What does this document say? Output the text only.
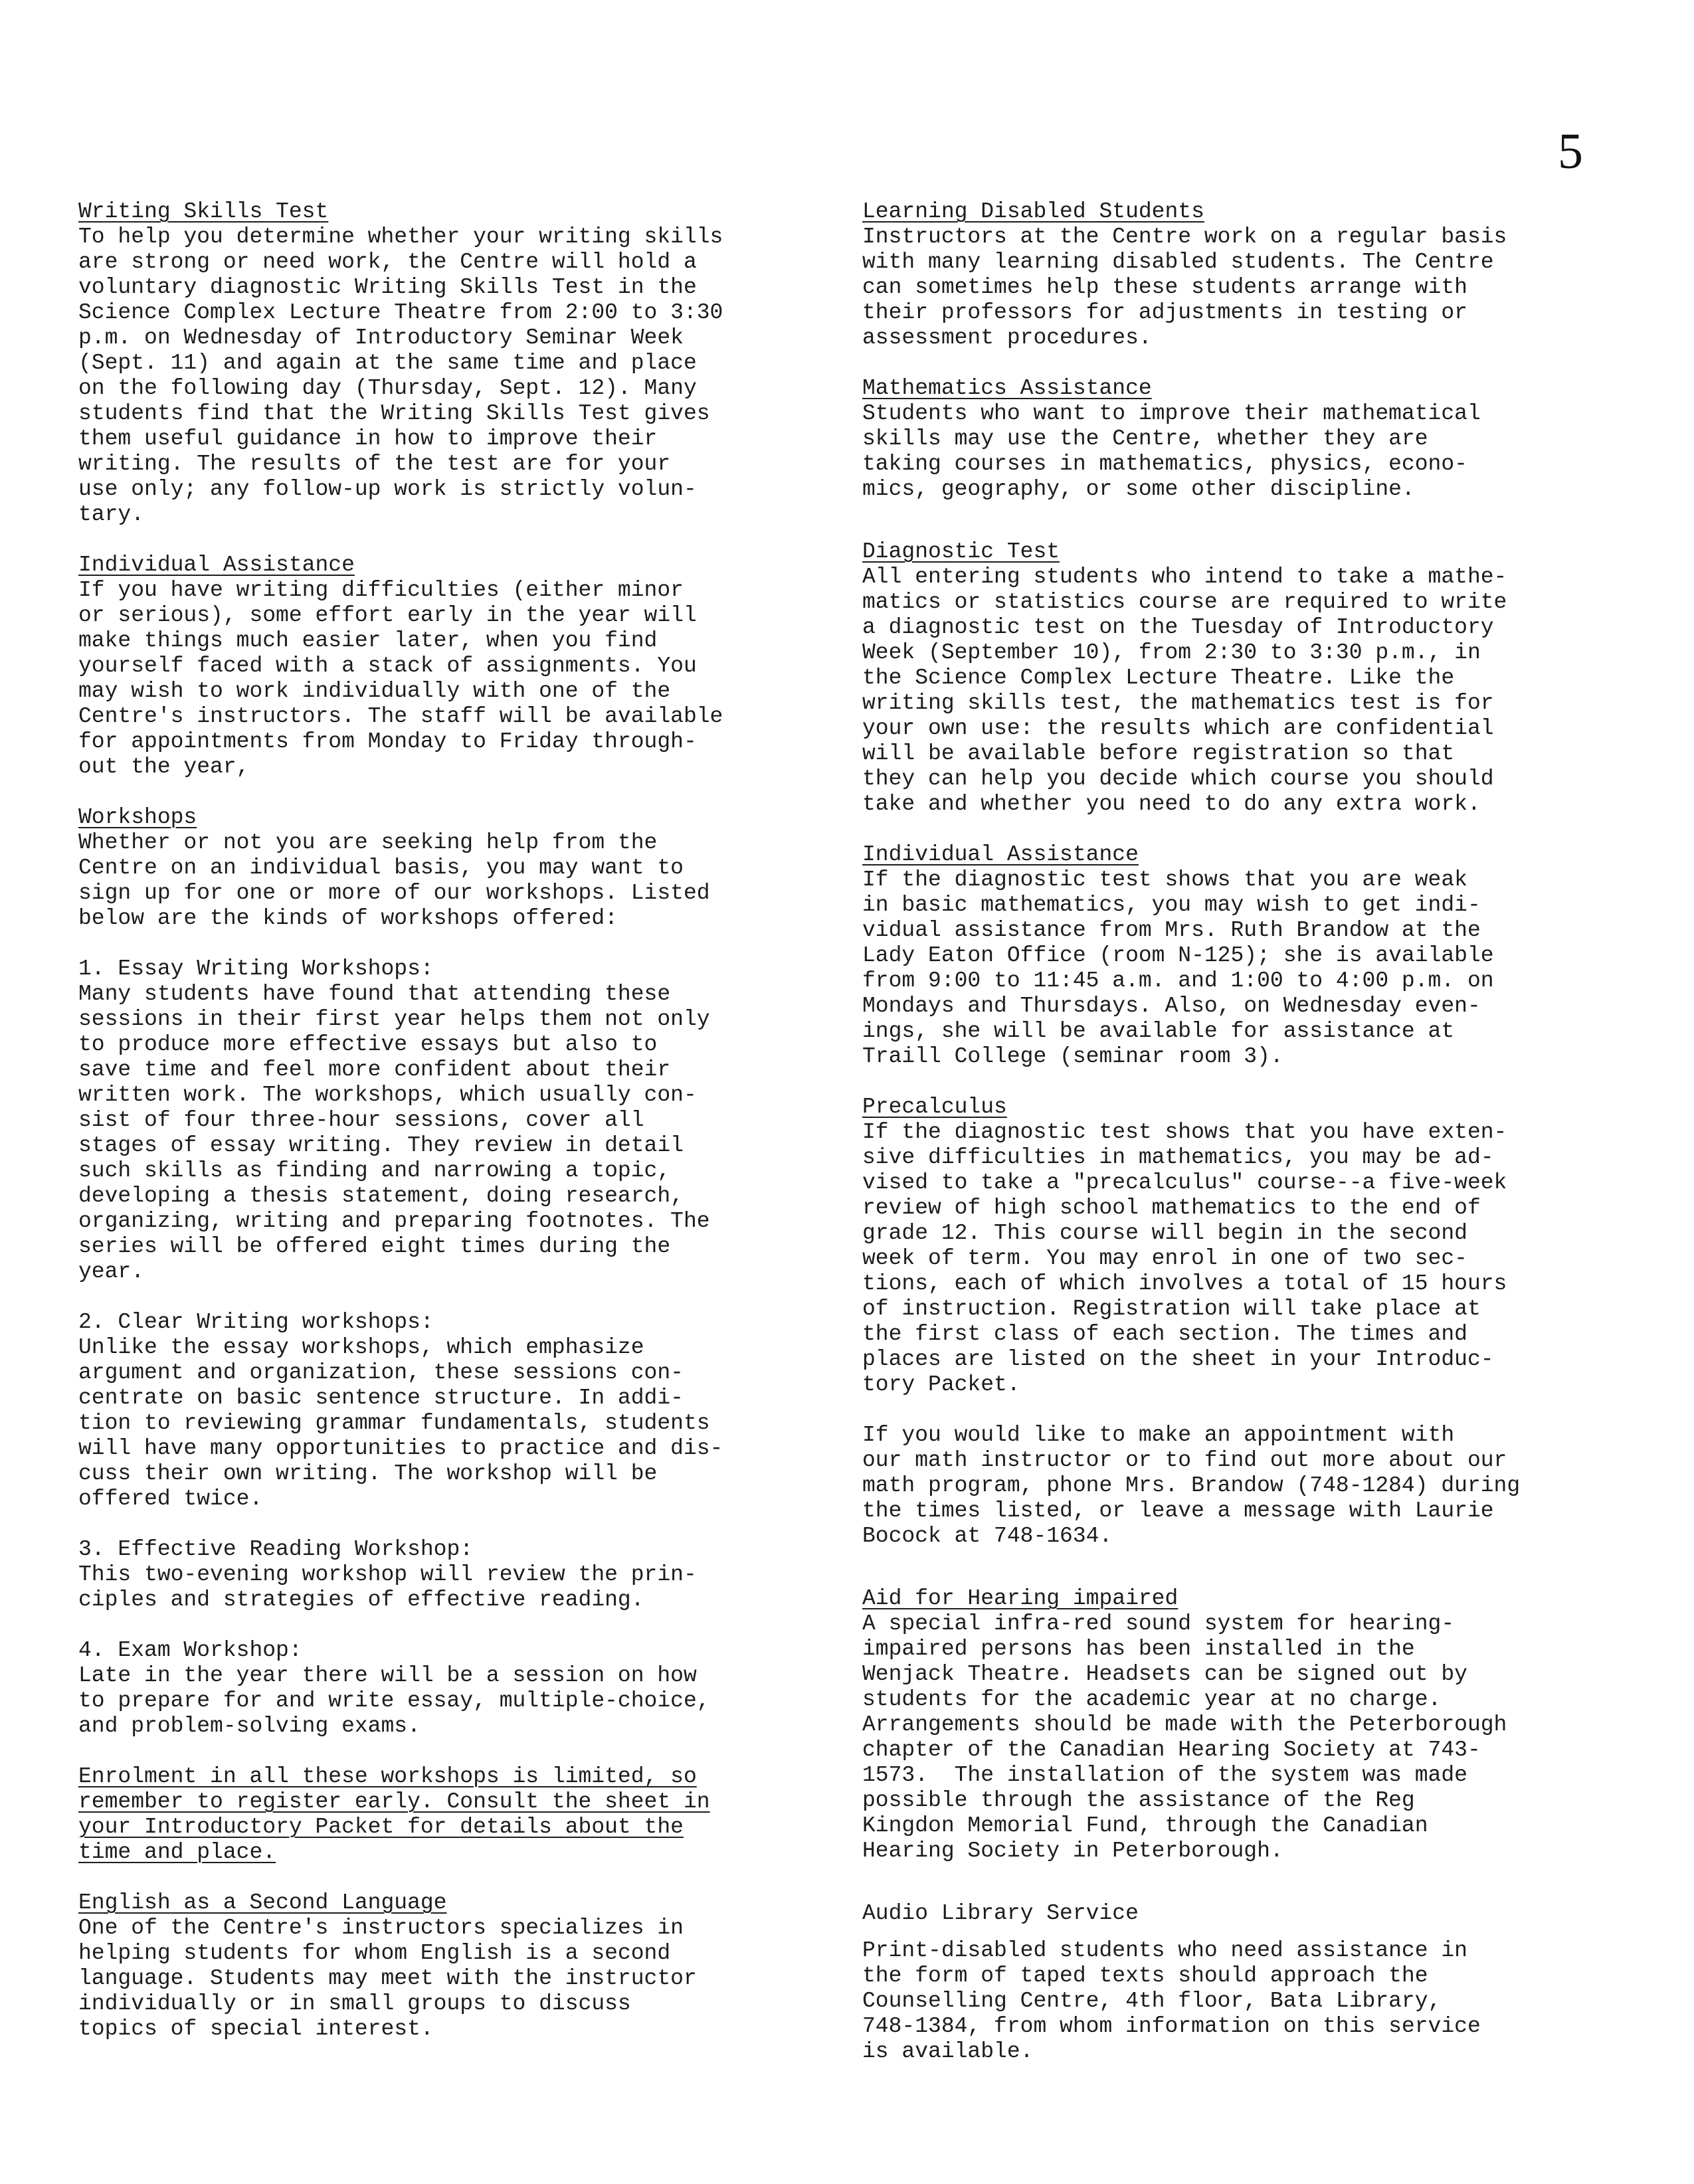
5
Writing Skills Test
To help you determine whether your writing skills
are strong or need work, the Centre will hold a
voluntary diagnostic Writing Skills Test in the
Science Complex Lecture Theatre from 2:00 to 3:30
p.m. on Wednesday of Introductory Seminar Week
(Sept. 11) and again at the same time and place
on the following day (Thursday, Sept. 12). Many
students find that the Writing Skills Test gives
them useful guidance in how to improve their
writing. The results of the test are for your
use only; any follow-up work is strictly volun-
tary.
Individual Assistance
If you have writing difficulties (either minor
or serious), some effort early in the year will
make things much easier later, when you find
yourself faced with a stack of assignments. You
may wish to work individually with one of the
Centre's instructors. The staff will be available
for appointments from Monday to Friday through-
out the year,
Workshops
Whether or not you are seeking help from the
Centre on an individual basis, you may want to
sign up for one or more of our workshops. Listed
below are the kinds of workshops offered:
1. Essay Writing Workshops:
Many students have found that attending these
sessions in their first year helps them not only
to produce more effective essays but also to
save time and feel more confident about their
written work. The workshops, which usually con-
sist of four three-hour sessions, cover all
stages of essay writing. They review in detail
such skills as finding and narrowing a topic,
developing a thesis statement, doing research,
organizing, writing and preparing footnotes. The
series will be offered eight times during the
year.
2. Clear Writing workshops:
Unlike the essay workshops, which emphasize
argument and organization, these sessions con-
centrate on basic sentence structure. In addi-
tion to reviewing grammar fundamentals, students
will have many opportunities to practice and dis-
cuss their own writing. The workshop will be
offered twice.
3. Effective Reading Workshop:
This two-evening workshop will review the prin-
ciples and strategies of effective reading.
4. Exam Workshop:
Late in the year there will be a session on how
to prepare for and write essay, multiple-choice,
and problem-solving exams.
Enrolment in all these workshops is limited, so
remember to register early. Consult the sheet in
your Introductory Packet for details about the
time and place.
English as a Second Language
One of the Centre's instructors specializes in
helping students for whom English is a second
language. Students may meet with the instructor
individually or in small groups to discuss
topics of special interest.
Learning Disabled Students
Instructors at the Centre work on a regular basis
with many learning disabled students. The Centre
can sometimes help these students arrange with
their professors for adjustments in testing or
assessment procedures.
Mathematics Assistance
Students who want to improve their mathematical
skills may use the Centre, whether they are
taking courses in mathematics, physics, econo-
mics, geography, or some other discipline.
Diagnostic Test
All entering students who intend to take a mathe-
matics or statistics course are required to write
a diagnostic test on the Tuesday of Introductory
Week (September 10), from 2:30 to 3:30 p.m., in
the Science Complex Lecture Theatre. Like the
writing skills test, the mathematics test is for
your own use: the results which are confidential
will be available before registration so that
they can help you decide which course you should
take and whether you need to do any extra work.
Individual Assistance
If the diagnostic test shows that you are weak
in basic mathematics, you may wish to get indi-
vidual assistance from Mrs. Ruth Brandow at the
Lady Eaton Office (room N-125); she is available
from 9:00 to 11:45 a.m. and 1:00 to 4:00 p.m. on
Mondays and Thursdays. Also, on Wednesday even-
ings, she will be available for assistance at
Traill College (seminar room 3).
Precalculus
If the diagnostic test shows that you have exten-
sive difficulties in mathematics, you may be ad-
vised to take a "precalculus" course--a five-week
review of high school mathematics to the end of
grade 12. This course will begin in the second
week of term. You may enrol in one of two sec-
tions, each of which involves a total of 15 hours
of instruction. Registration will take place at
the first class of each section. The times and
places are listed on the sheet in your Introduc-
tory Packet.
If you would like to make an appointment with
our math instructor or to find out more about our
math program, phone Mrs. Brandow (748-1284) during
the times listed, or leave a message with Laurie
Bocock at 748-1634.
Aid for Hearing impaired
A special infra-red sound system for hearing-
impaired persons has been installed in the
Wenjack Theatre. Headsets can be signed out by
students for the academic year at no charge.
Arrangements should be made with the Peterborough
chapter of the Canadian Hearing Society at 743-
1573.  The installation of the system was made
possible through the assistance of the Reg
Kingdon Memorial Fund, through the Canadian
Hearing Society in Peterborough.
Audio Library Service
Print-disabled students who need assistance in
the form of taped texts should approach the
Counselling Centre, 4th floor, Bata Library,
748-1384, from whom information on this service
is available.
